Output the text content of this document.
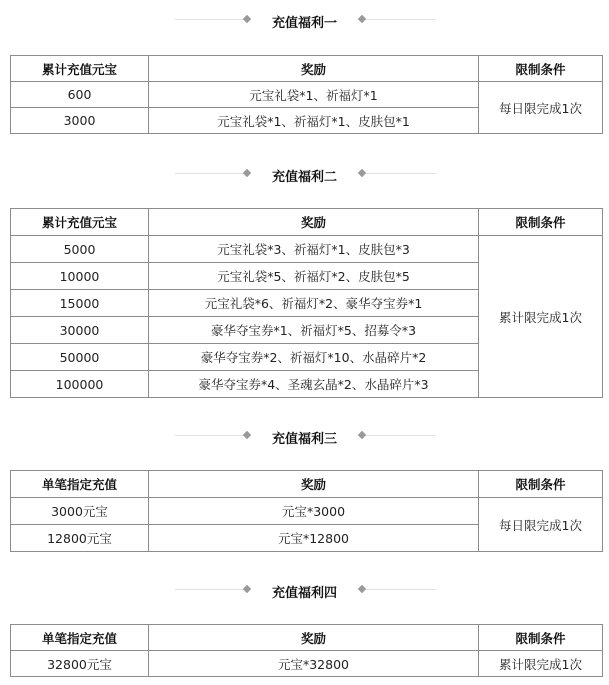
充值福利一
累计充值元宝	奖励	限制条件
600	元宝礼袋*1、祈福灯*1	每日限完成1次
3000	元宝礼袋*1、祈福灯*1、皮肤包*1	
充值福利二
累计充值元宝	奖励	限制条件
5000	元宝礼袋*3、祈福灯*1、皮肤包*3	累计限完成1次
10000	元宝礼袋*5、祈福灯*2、皮肤包*5	
15000	元宝礼袋*6、祈福灯*2、豪华夺宝券*1	
30000	豪华夺宝券*1、祈福灯*5、招募令*3	
50000	豪华夺宝券*2、祈福灯*10、水晶碎片*2	
100000	豪华夺宝券*4、圣魂玄晶*2、水晶碎片*3	
充值福利三
单笔指定充值	奖励	限制条件
3000元宝	元宝*3000	每日限完成1次
12800元宝	元宝*12800	
充值福利四
单笔指定充值	奖励	限制条件
32800元宝	元宝*32800	累计限完成1次
